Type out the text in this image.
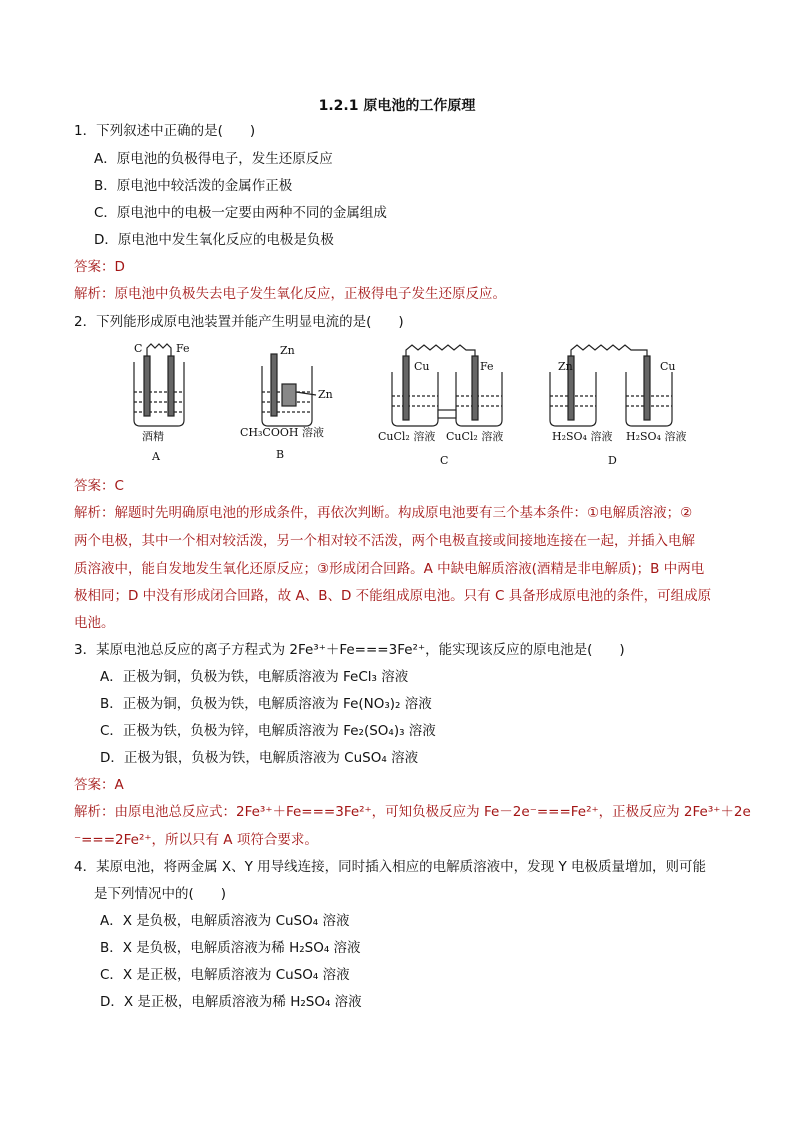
1.2.1 原电池的工作原理
1．下列叙述中正确的是(　　)
A．原电池的负极得电子，发生还原反应
B．原电池中较活泼的金属作正极
C．原电池中的电极一定要由两种不同的金属组成
D．原电池中发生氧化反应的电极是负极
答案：D
解析：原电池中负极失去电子发生氧化反应，正极得电子发生还原反应。
2．下列能形成原电池装置并能产生明显电流的是(　　)
C	Fe
酒精
A
Zn
Zn
CH₃COOH 溶液
B
Cu	Fe
CuCl₂ 溶液 CuCl₂ 溶液
C
Zn	Cu
H₂SO₄ 溶液 H₂SO₄ 溶液
D
答案：C
解析：解题时先明确原电池的形成条件，再依次判断。构成原电池要有三个基本条件：①电解质溶液；②
两个电极，其中一个相对较活泼，另一个相对较不活泼，两个电极直接或间接地连接在一起，并插入电解
质溶液中，能自发地发生氧化还原反应；③形成闭合回路。A 中缺电解质溶液(酒精是非电解质)；B 中两电
极相同；D 中没有形成闭合回路，故 A、B、D 不能组成原电池。只有 C 具备形成原电池的条件，可组成原
电池。
3．某原电池总反应的离子方程式为 2Fe³⁺＋Fe===3Fe²⁺，能实现该反应的原电池是(　　)
A．正极为铜，负极为铁，电解质溶液为 FeCl₃ 溶液
B．正极为铜，负极为铁，电解质溶液为 Fe(NO₃)₂ 溶液
C．正极为铁，负极为锌，电解质溶液为 Fe₂(SO₄)₃ 溶液
D．正极为银，负极为铁，电解质溶液为 CuSO₄ 溶液
答案：A
解析：由原电池总反应式：2Fe³⁺＋Fe===3Fe²⁺，可知负极反应为 Fe－2e⁻===Fe²⁺，正极反应为 2Fe³⁺＋2e
⁻===2Fe²⁺，所以只有 A 项符合要求。
4．某原电池，将两金属 X、Y 用导线连接，同时插入相应的电解质溶液中，发现 Y 电极质量增加，则可能
是下列情况中的(　　)
A．X 是负极，电解质溶液为 CuSO₄ 溶液
B．X 是负极，电解质溶液为稀 H₂SO₄ 溶液
C．X 是正极，电解质溶液为 CuSO₄ 溶液
D．X 是正极，电解质溶液为稀 H₂SO₄ 溶液
